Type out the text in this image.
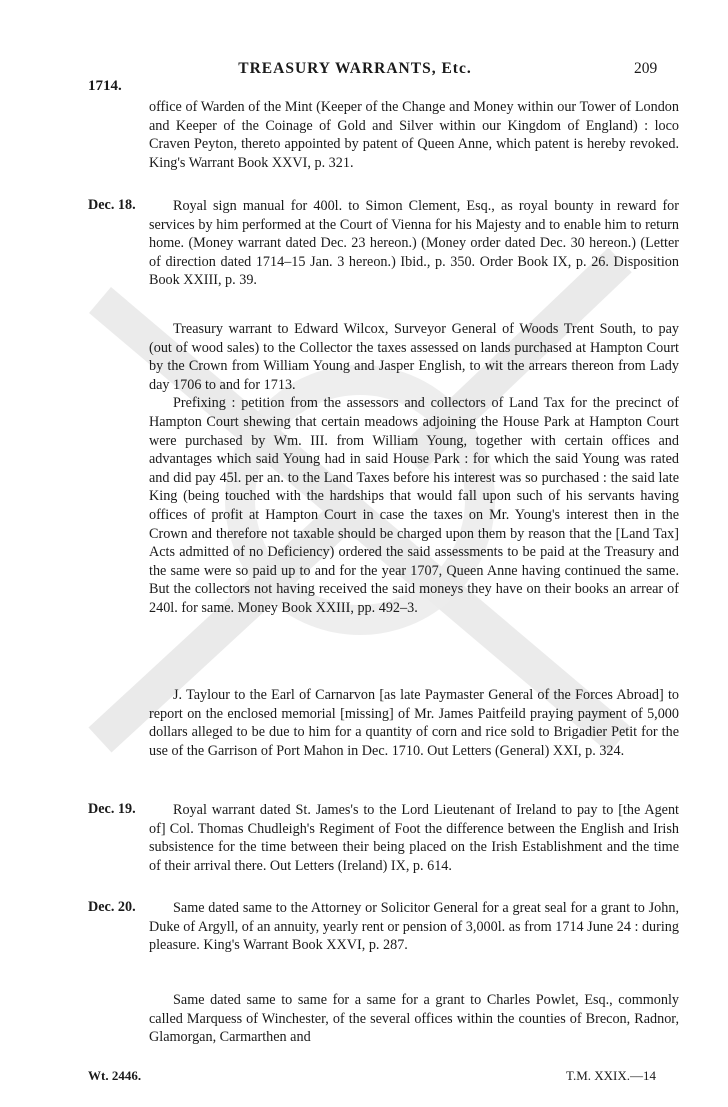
1714.
TREASURY WARRANTS, Etc.	209

office of Warden of the Mint (Keeper of the Change and Money within our Tower of London and Keeper of the Coinage of Gold and Silver within our Kingdom of England) : loco Craven Peyton, thereto appointed by patent of Queen Anne, which patent is hereby revoked. King's Warrant Book XXVI, p. 321.

Dec. 18.	Royal sign manual for 400l. to Simon Clement, Esq., as royal bounty in reward for services by him performed at the Court of Vienna for his Majesty and to enable him to return home. (Money warrant dated Dec. 23 hereon.) (Money order dated Dec. 30 hereon.) (Letter of direction dated 1714–15 Jan. 3 hereon.) Ibid., p. 350. Order Book IX, p. 26. Disposition Book XXIII, p. 39.

Treasury warrant to Edward Wilcox, Surveyor General of Woods Trent South, to pay (out of wood sales) to the Collector the taxes assessed on lands purchased at Hampton Court by the Crown from William Young and Jasper English, to wit the arrears thereon from Lady day 1706 to and for 1713.

Prefixing : petition from the assessors and collectors of Land Tax for the precinct of Hampton Court shewing that certain meadows adjoining the House Park at Hampton Court were purchased by Wm. III. from William Young, together with certain offices and advantages which said Young had in said House Park : for which the said Young was rated and did pay 45l. per an. to the Land Taxes before his interest was so purchased : the said late King (being touched with the hardships that would fall upon such of his servants having offices of profit at Hampton Court in case the taxes on Mr. Young's interest then in the Crown and therefore not taxable should be charged upon them by reason that the [Land Tax] Acts admitted of no Deficiency) ordered the said assessments to be paid at the Treasury and the same were so paid up to and for the year 1707, Queen Anne having continued the same. But the collectors not having received the said moneys they have on their books an arrear of 240l. for same. Money Book XXIII, pp. 492–3.

J. Taylour to the Earl of Carnarvon [as late Paymaster General of the Forces Abroad] to report on the enclosed memorial [missing] of Mr. James Paitfeild praying payment of 5,000 dollars alleged to be due to him for a quantity of corn and rice sold to Brigadier Petit for the use of the Garrison of Port Mahon in Dec. 1710. Out Letters (General) XXI, p. 324.

Dec. 19.	Royal warrant dated St. James's to the Lord Lieutenant of Ireland to pay to [the Agent of] Col. Thomas Chudleigh's Regiment of Foot the difference between the English and Irish subsistence for the time between their being placed on the Irish Establishment and the time of their arrival there. Out Letters (Ireland) IX, p. 614.

Dec. 20.	Same dated same to the Attorney or Solicitor General for a great seal for a grant to John, Duke of Argyll, of an annuity, yearly rent or pension of 3,000l. as from 1714 June 24 : during pleasure. King's Warrant Book XXVI, p. 287.

Same dated same to same for a same for a grant to Charles Powlet, Esq., commonly called Marquess of Winchester, of the several offices within the counties of Brecon, Radnor, Glamorgan, Carmarthen and

Wt. 2446.	T.M. XXIX.—14
